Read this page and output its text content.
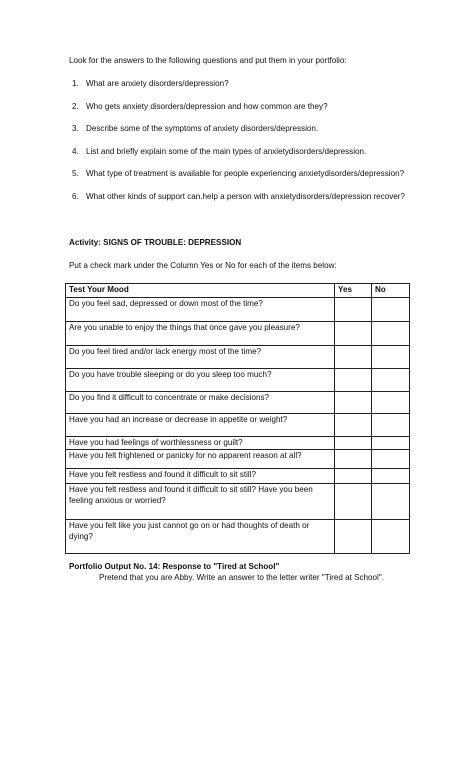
Look for the answers to the following questions and put them in your portfolio:
1. What are anxiety disorders/depression?
2. Who gets anxiety disorders/depression and how common are they?
3. Describe some of the symptoms of anxiety disorders/depression.
4. List and briefly explain some of the main types of anxietydisorders/depression.
5. What type of treatment is available for people experiencing anxietydisorders/depression?
6. What other kinds of support can.help a person with anxietydisorders/depression recover?
Activity: SIGNS OF TROUBLE: DEPRESSION
Put a check mark under the Column Yes or No for each of the items below:
Test Your Mood	Yes	No
Do you feel sad, depressed or down most of the time?		
Are you unable to enjoy the things that once gave you pleasure?		
Do you feel tired and/or lack energy most of the time?		
Do you have trouble sleeping or do you sleep too much?		
Do you find it difficult to concentrate or make decisions?		
Have you had an increase or decrease in appetite or weight?		
Have you had feelings of worthlessness or guilt?		
Have you felt frightened or panicky for no apparent reason at all?		
Have you felt restless and found it difficult to sit still?		
Have you felt restless and found it difficult to sit still? Have you been feeling anxious or worried?		
Have you felt like you just cannot go on or had thoughts of death or dying?		
Portfolio Output No. 14: Response to "Tired at School"
Pretend that you are Abby. Write an answer to the letter writer "Tired at School".
